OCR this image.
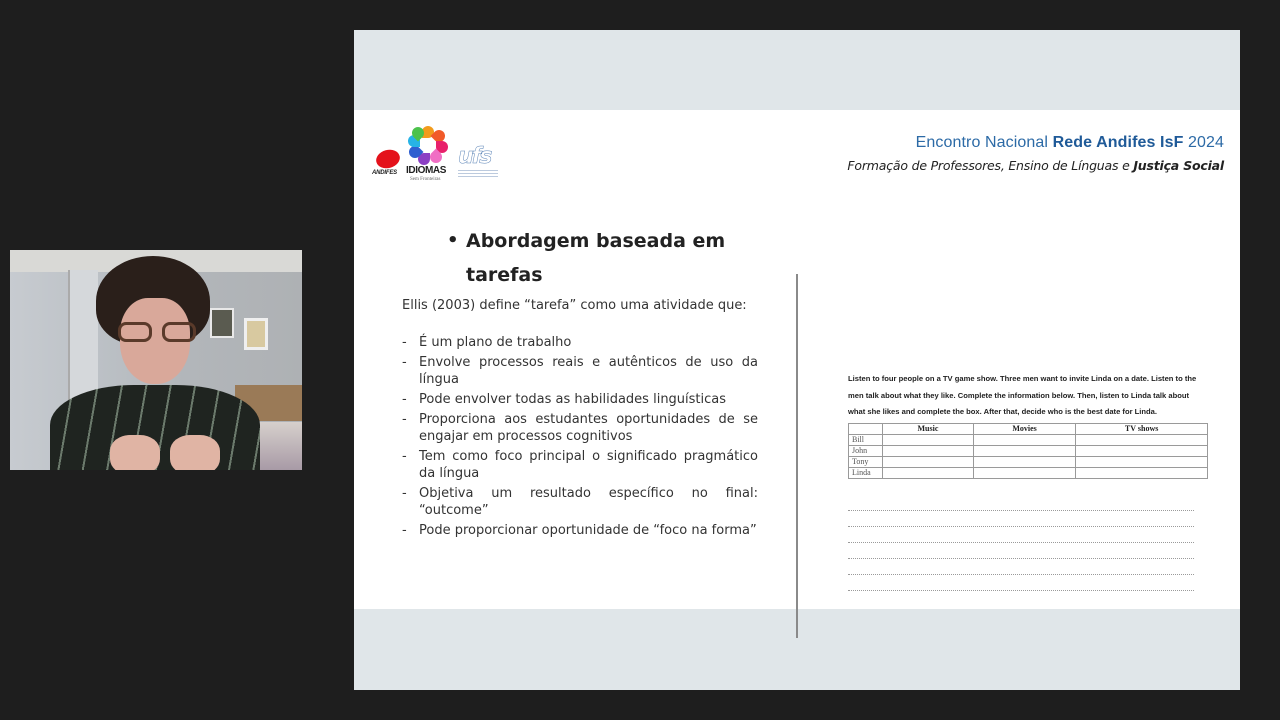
ANDIFES IDIOMAS
Sem Fronteiras
ufs
Encontro Nacional Rede Andifes IsF 2024
Formação de Professores, Ensino de Línguas e Justiça Social
• Abordagem baseada em tarefas

Ellis (2003) define “tarefa” como uma atividade que:

- É um plano de trabalho
- Envolve processos reais e autênticos de uso da língua
- Pode envolver todas as habilidades linguísticas
- Proporciona aos estudantes oportunidades de se engajar em processos cognitivos
- Tem como foco principal o significado pragmático da língua
- Objetiva um resultado específico no final: “outcome”
- Pode proporcionar oportunidade de “foco na forma”

Listen to four people on a TV game show. Three men want to invite Linda on a date. Listen to the men talk about what they like. Complete the information below. Then, listen to Linda talk about what she likes and complete the box. After that, decide who is the best date for Linda.

	Music	Movies	TV shows
Bill			
John			
Tony			
Linda			
